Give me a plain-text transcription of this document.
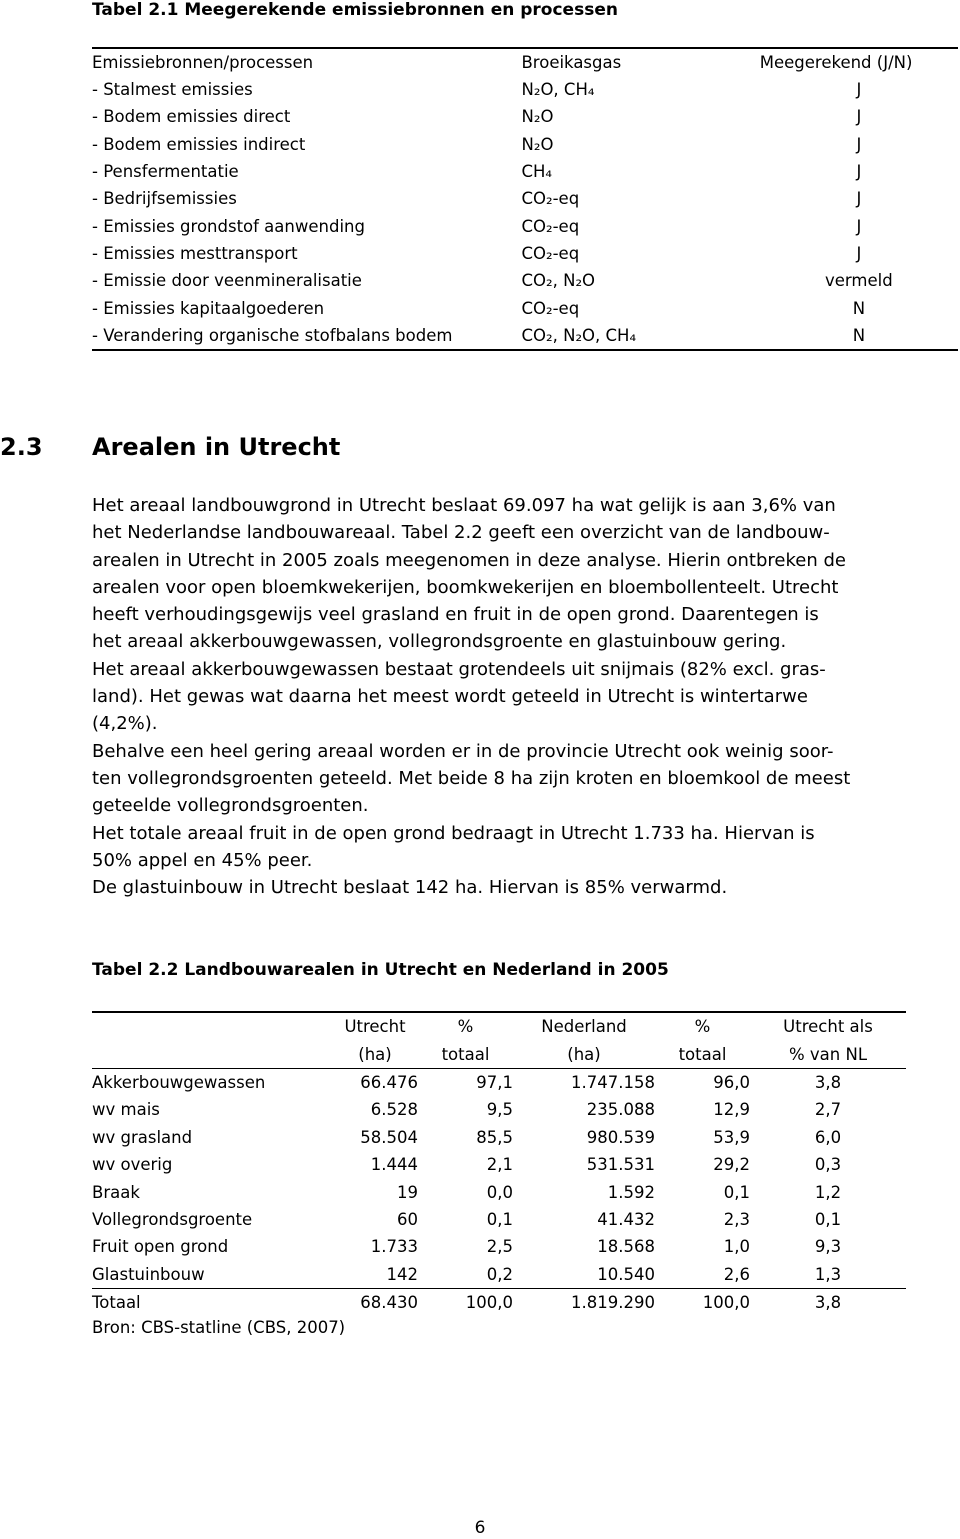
Tabel 2.1 Meegerekende emissiebronnen en processen
Emissiebronnen/processen	Broeikasgas	Meegerekend (J/N)
- Stalmest emissies	N₂O, CH₄	J
- Bodem emissies direct	N₂O	J
- Bodem emissies indirect	N₂O	J
- Pensfermentatie	CH₄	J
- Bedrijfsemissies	CO₂-eq	J
- Emissies grondstof aanwending	CO₂-eq	J
- Emissies mesttransport	CO₂-eq	J
- Emissie door veenmineralisatie	CO₂, N₂O	vermeld
- Emissies kapitaalgoederen	CO₂-eq	N
- Verandering organische stofbalans bodem	CO₂, N₂O, CH₄	N
2.3 Arealen in Utrecht
Het areaal landbouwgrond in Utrecht beslaat 69.097 ha wat gelijk is aan 3,6% van
het Nederlandse landbouwareaal. Tabel 2.2 geeft een overzicht van de landbouw-
arealen in Utrecht in 2005 zoals meegenomen in deze analyse. Hierin ontbreken de
arealen voor open bloemkwekerijen, boomkwekerijen en bloembollenteelt. Utrecht
heeft verhoudingsgewijs veel grasland en fruit in de open grond. Daarentegen is
het areaal akkerbouwgewassen, vollegrondsgroente en glastuinbouw gering.
Het areaal akkerbouwgewassen bestaat grotendeels uit snijmais (82% excl. gras-
land). Het gewas wat daarna het meest wordt geteeld in Utrecht is wintertarwe
(4,2%).
Behalve een heel gering areaal worden er in de provincie Utrecht ook weinig soor-
ten vollegrondsgroenten geteeld. Met beide 8 ha zijn kroten en bloemkool de meest
geteelde vollegrondsgroenten.
Het totale areaal fruit in de open grond bedraagt in Utrecht 1.733 ha. Hiervan is
50% appel en 45% peer.
De glastuinbouw in Utrecht beslaat 142 ha. Hiervan is 85% verwarmd.
Tabel 2.2 Landbouwarealen in Utrecht en Nederland in 2005
	Utrecht	%	Nederland	%	Utrecht als
	(ha)	totaal	(ha)	totaal	% van NL
Akkerbouwgewassen	66.476	97,1	1.747.158	96,0	3,8
wv mais	6.528	9,5	235.088	12,9	2,7
wv grasland	58.504	85,5	980.539	53,9	6,0
wv overig	1.444	2,1	531.531	29,2	0,3
Braak	19	0,0	1.592	0,1	1,2
Vollegrondsgroente	60	0,1	41.432	2,3	0,1
Fruit open grond	1.733	2,5	18.568	1,0	9,3
Glastuinbouw	142	0,2	10.540	2,6	1,3
Totaal	68.430	100,0	1.819.290	100,0	3,8
Bron: CBS-statline (CBS, 2007)
6
